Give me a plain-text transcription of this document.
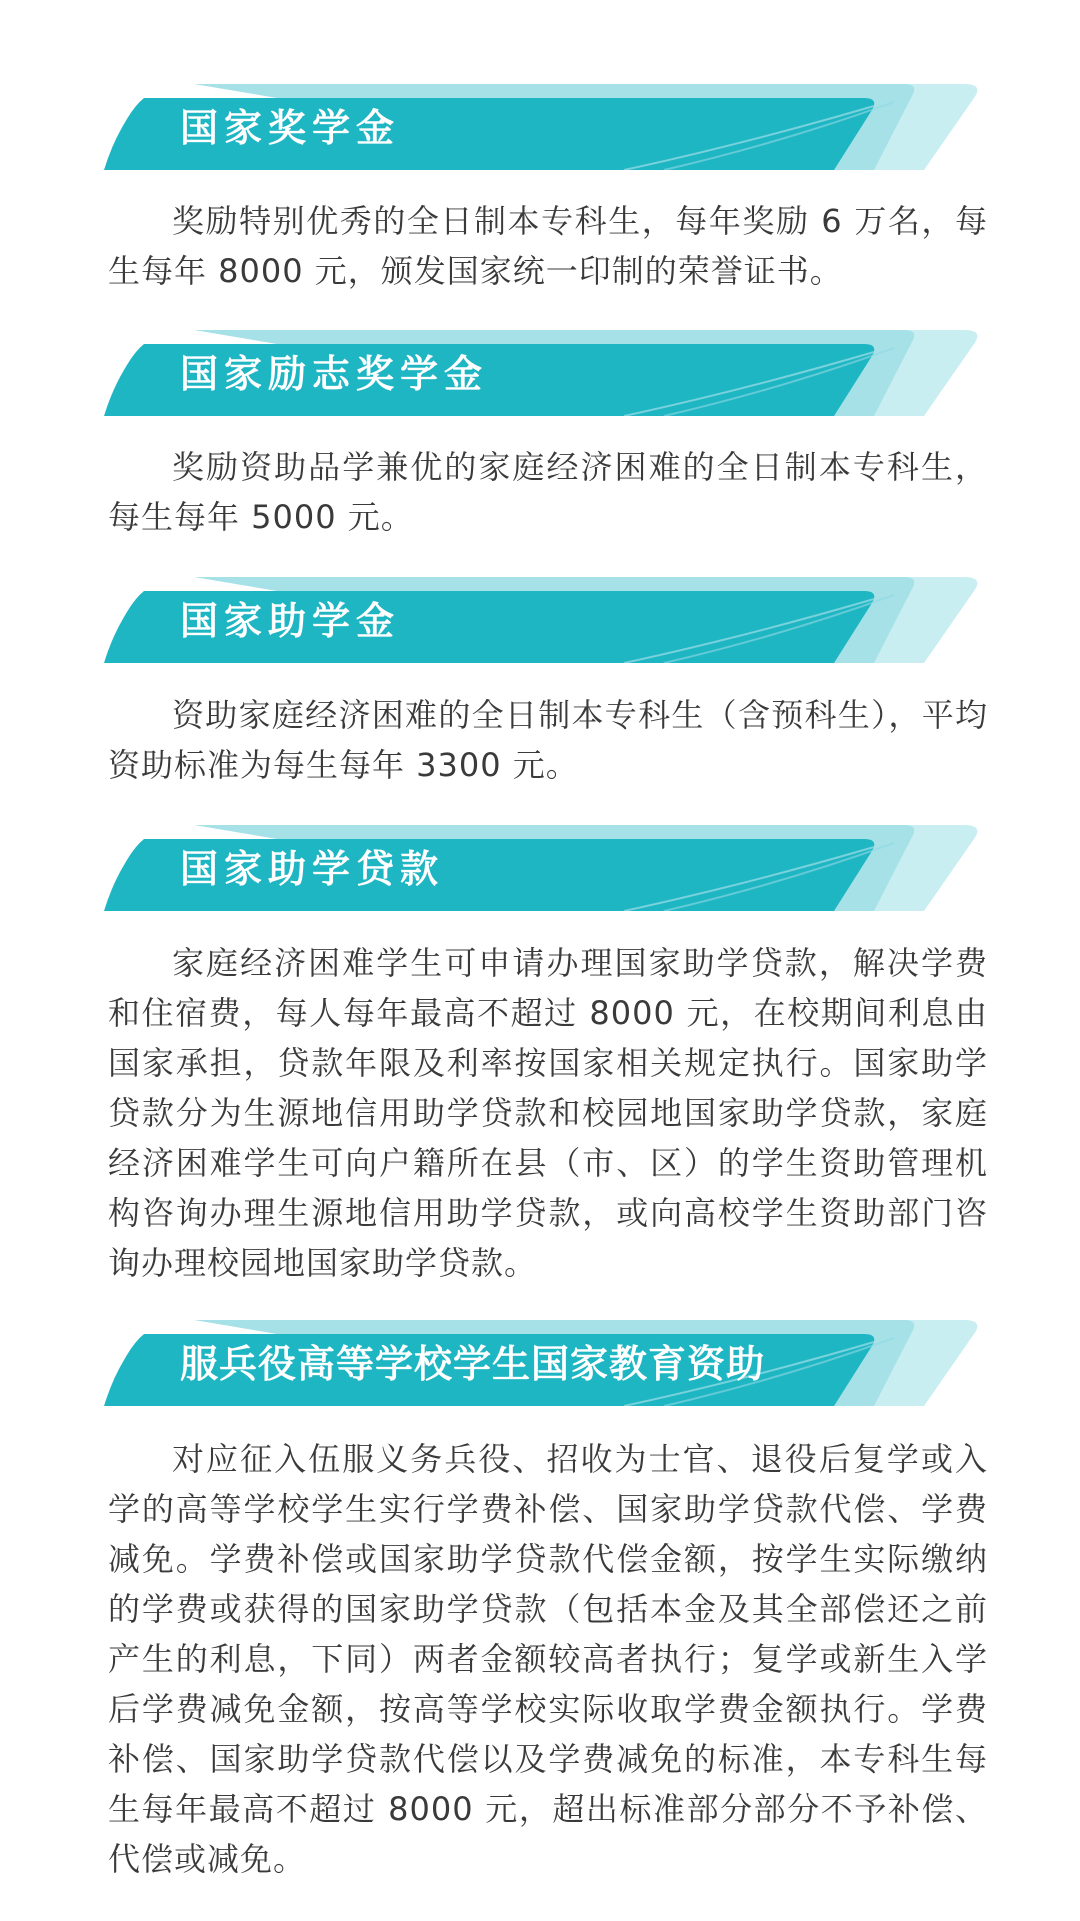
国家奖学金

奖励特别优秀的全日制本专科生，每年奖励 6 万名，每生每年 8000 元，颁发国家统一印制的荣誉证书。

国家励志奖学金

奖励资助品学兼优的家庭经济困难的全日制本专科生，每生每年 5000 元。

国家助学金

资助家庭经济困难的全日制本专科生（含预科生），平均资助标准为每生每年 3300 元。

国家助学贷款

家庭经济困难学生可申请办理国家助学贷款，解决学费和住宿费，每人每年最高不超过 8000 元，在校期间利息由国家承担，贷款年限及利率按国家相关规定执行。国家助学贷款分为生源地信用助学贷款和校园地国家助学贷款，家庭经济困难学生可向户籍所在县（市、区）的学生资助管理机构咨询办理生源地信用助学贷款，或向高校学生资助部门咨询办理校园地国家助学贷款。

服兵役高等学校学生国家教育资助

对应征入伍服义务兵役、招收为士官、退役后复学或入学的高等学校学生实行学费补偿、国家助学贷款代偿、学费减免。学费补偿或国家助学贷款代偿金额，按学生实际缴纳的学费或获得的国家助学贷款（包括本金及其全部偿还之前产生的利息，下同）两者金额较高者执行；复学或新生入学后学费减免金额，按高等学校实际收取学费金额执行。学费补偿、国家助学贷款代偿以及学费减免的标准，本专科生每生每年最高不超过 8000 元，超出标准部分部分不予补偿、代偿或减免。
